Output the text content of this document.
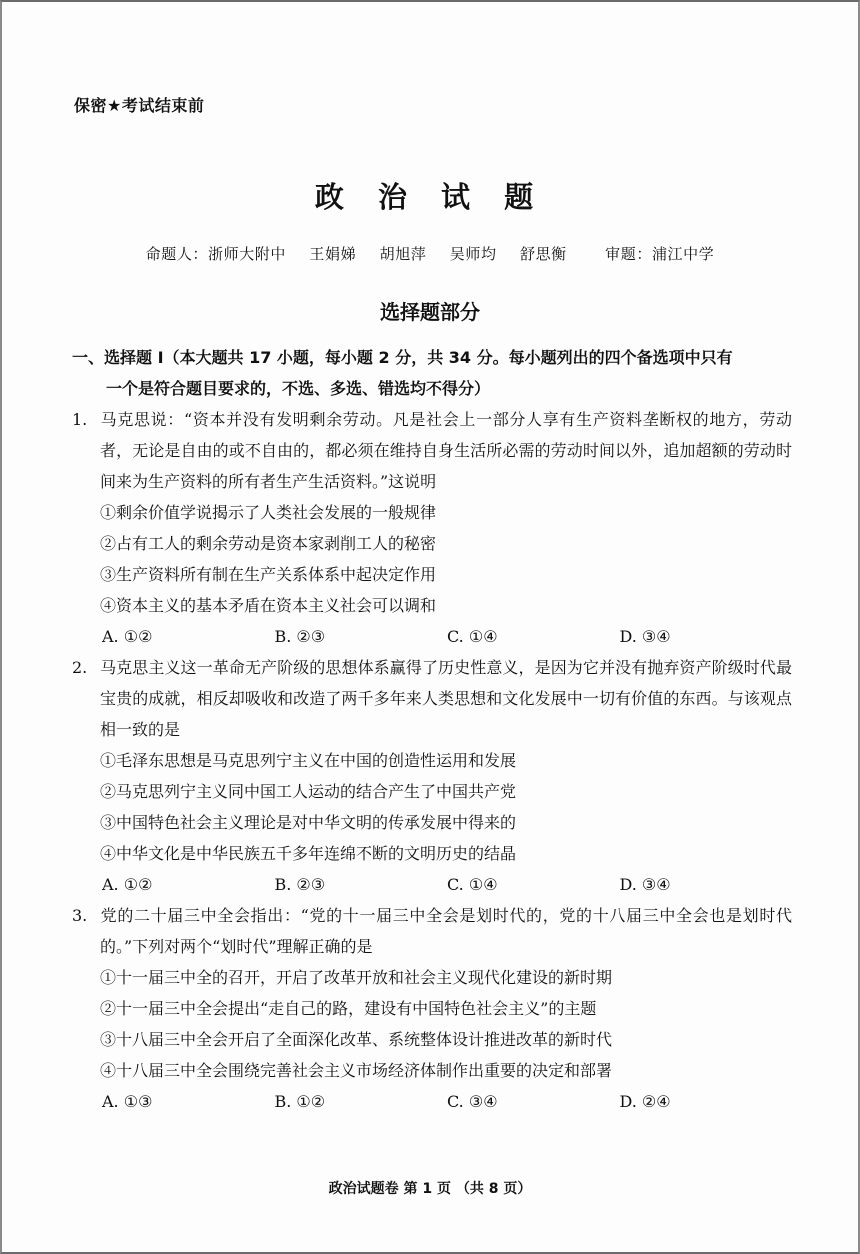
保密★考试结束前
政 治 试 题
命题人：浙师大附中 王娟娣 胡旭萍 吴师均 舒思衡	审题：浦江中学
选择题部分
一、选择题 I（本大题共 17 小题，每小题 2 分，共 34 分。每小题列出的四个备选项中只有
一个是符合题目要求的，不选、多选、错选均不得分）
1. 马克思说：“资本并没有发明剩余劳动。凡是社会上一部分人享有生产资料垄断权的地方，劳动者，无论是自由的或不自由的，都必须在维持自身生活所必需的劳动时间以外，追加超额的劳动时间来为生产资料的所有者生产生活资料。”这说明
①剩余价值学说揭示了人类社会发展的一般规律
②占有工人的剩余劳动是资本家剥削工人的秘密
③生产资料所有制在生产关系体系中起决定作用
④资本主义的基本矛盾在资本主义社会可以调和
A. ①②	B. ②③	C. ①④	D. ③④
2. 马克思主义这一革命无产阶级的思想体系赢得了历史性意义，是因为它并没有抛弃资产阶级时代最宝贵的成就，相反却吸收和改造了两千多年来人类思想和文化发展中一切有价值的东西。与该观点相一致的是
①毛泽东思想是马克思列宁主义在中国的创造性运用和发展
②马克思列宁主义同中国工人运动的结合产生了中国共产党
③中国特色社会主义理论是对中华文明的传承发展中得来的
④中华文化是中华民族五千多年连绵不断的文明历史的结晶
A. ①②	B. ②③	C. ①④	D. ③④
3. 党的二十届三中全会指出：“党的十一届三中全会是划时代的，党的十八届三中全会也是划时代的。”下列对两个“划时代”理解正确的是
①十一届三中全的召开，开启了改革开放和社会主义现代化建设的新时期
②十一届三中全会提出“走自己的路，建设有中国特色社会主义”的主题
③十八届三中全会开启了全面深化改革、系统整体设计推进改革的新时代
④十八届三中全会围绕完善社会主义市场经济体制作出重要的决定和部署
A. ①③	B. ①②	C. ③④	D. ②④
政治试题卷 第 1 页 （共 8 页）
